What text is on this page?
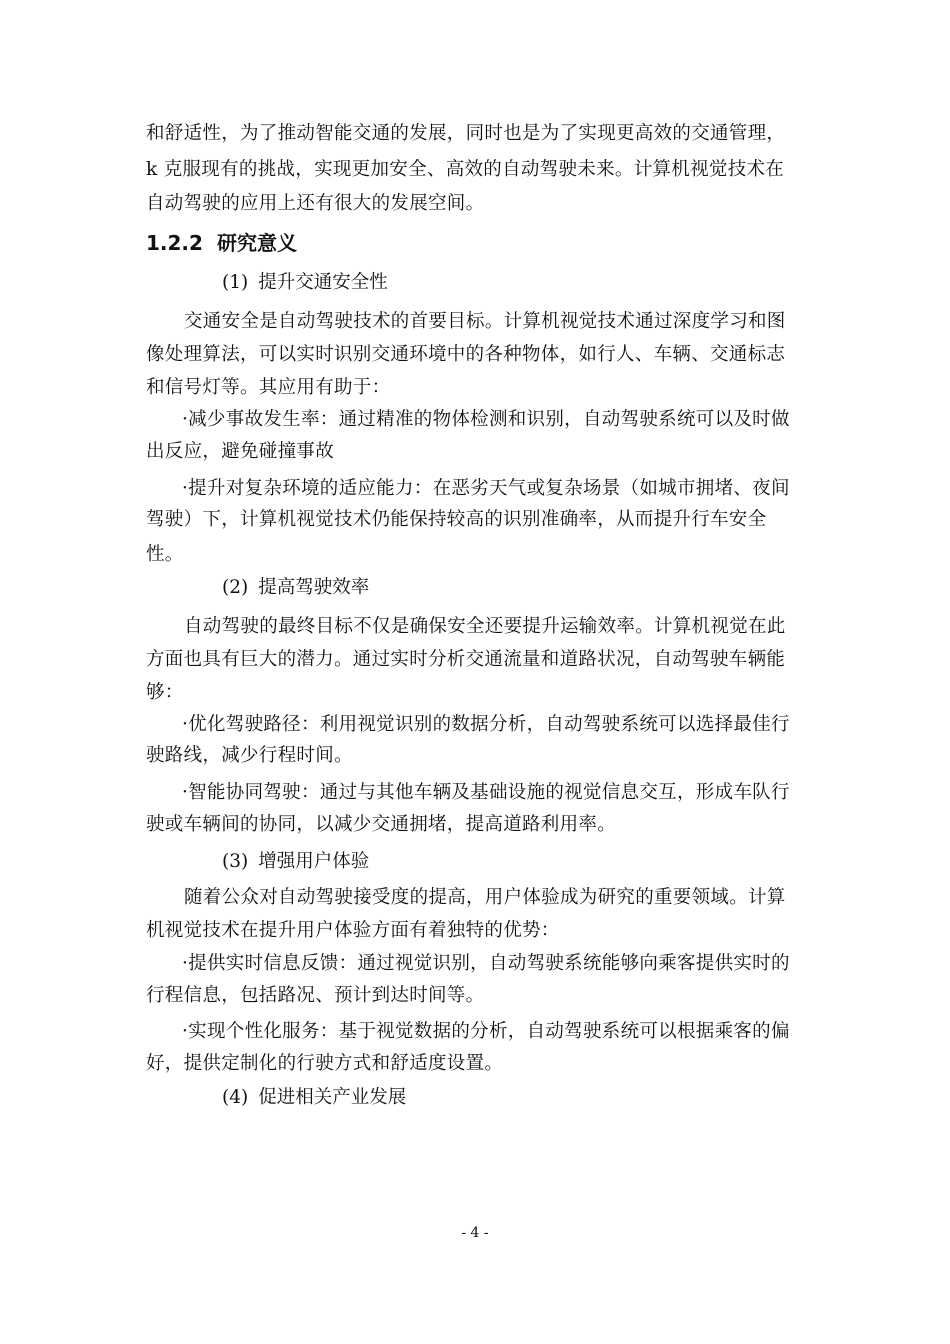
和舒适性，为了推动智能交通的发展，同时也是为了实现更高效的交通管理，
k 克服现有的挑战，实现更加安全、高效的自动驾驶未来。计算机视觉技术在
自动驾驶的应用上还有很大的发展空间。
1.2.2 研究意义
(1) 提升交通安全性
交通安全是自动驾驶技术的首要目标。计算机视觉技术通过深度学习和图
像处理算法，可以实时识别交通环境中的各种物体，如行人、车辆、交通标志
和信号灯等。其应用有助于：
·减少事故发生率：通过精准的物体检测和识别，自动驾驶系统可以及时做
出反应，避免碰撞事故
·提升对复杂环境的适应能力：在恶劣天气或复杂场景（如城市拥堵、夜间
驾驶）下，计算机视觉技术仍能保持较高的识别准确率，从而提升行车安全
性。
(2) 提高驾驶效率
自动驾驶的最终目标不仅是确保安全还要提升运输效率。计算机视觉在此
方面也具有巨大的潜力。通过实时分析交通流量和道路状况，自动驾驶车辆能
够：
·优化驾驶路径：利用视觉识别的数据分析，自动驾驶系统可以选择最佳行
驶路线，减少行程时间。
·智能协同驾驶：通过与其他车辆及基础设施的视觉信息交互，形成车队行
驶或车辆间的协同，以减少交通拥堵，提高道路利用率。
(3) 增强用户体验
随着公众对自动驾驶接受度的提高，用户体验成为研究的重要领域。计算
机视觉技术在提升用户体验方面有着独特的优势：
·提供实时信息反馈：通过视觉识别，自动驾驶系统能够向乘客提供实时的
行程信息，包括路况、预计到达时间等。
·实现个性化服务：基于视觉数据的分析，自动驾驶系统可以根据乘客的偏
好，提供定制化的行驶方式和舒适度设置。
(4) 促进相关产业发展
- 4 -
